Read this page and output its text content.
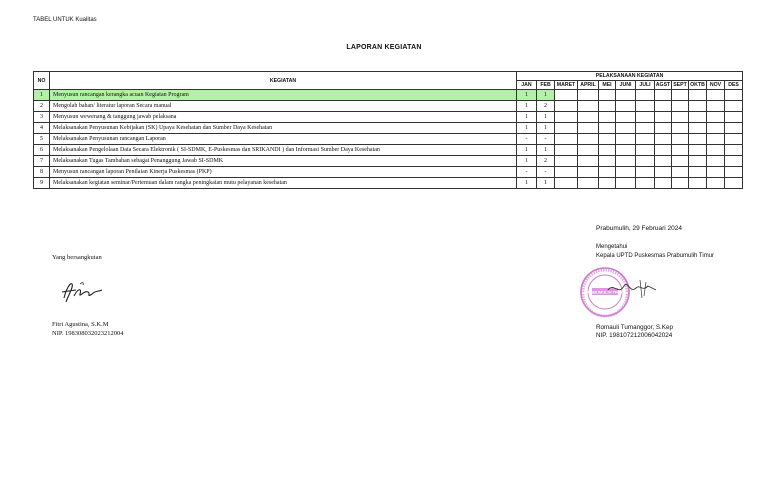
TABEL UNTUK Kualitas
LAPORAN KEGIATAN
NO	KEGIATAN	PELAKSANAAN KEGIATAN											
		JAN	FEB	MARET	APRIL	MEI	JUNI	JULI	AGST	SEPT	OKTB	NOV	DES
1	Menyusun rancangan kerangka acuan Kegiatan Program	1	1										
2	Mengolah bahan/ literatur laporan Secara manual	1	2										
3	Menyusun wewenang & tanggung jawab pelaksana	1	1										
4	Melaksanakan Penyusunan Kebijakan (SK) Upaya Kesehatan dan Sumber Daya Kesehatan	1	1										
5	Melaksanakan Penyusunan rancangan Laporan	-	-										
6	Melaksanakan Pengelolaan Data Secara Elektronik ( SI-SDMK, E-Puskesmas dan SRIKANDI ) dan Informasi Sumber Daya Kesehatan	1	1										
7	Melaksanakan Tugas Tambahan sebagai Penanggung Jawab SI-SDMK	1	2										
8	Menyusun rancangan laporan Penilaian Kinerja Puskesmas (PKP)	-	-										
9	Melaksanakan kegiatan seminar/Pertemuan dalam rangka peningkatan mutu pelayanan kesehatan	1	1										
Yang bersangkutan
Fitri Agustina, S.K.M
NIP. 198308032023212004
Prabumulih, 29 Februari 2024
Mengetahui
Kepala UPTD Puskesmas Prabumulih Timur
PRABUMULIH TIMUR
Romauli Tumanggor, S.Kep
NIP. 198107212006042024
